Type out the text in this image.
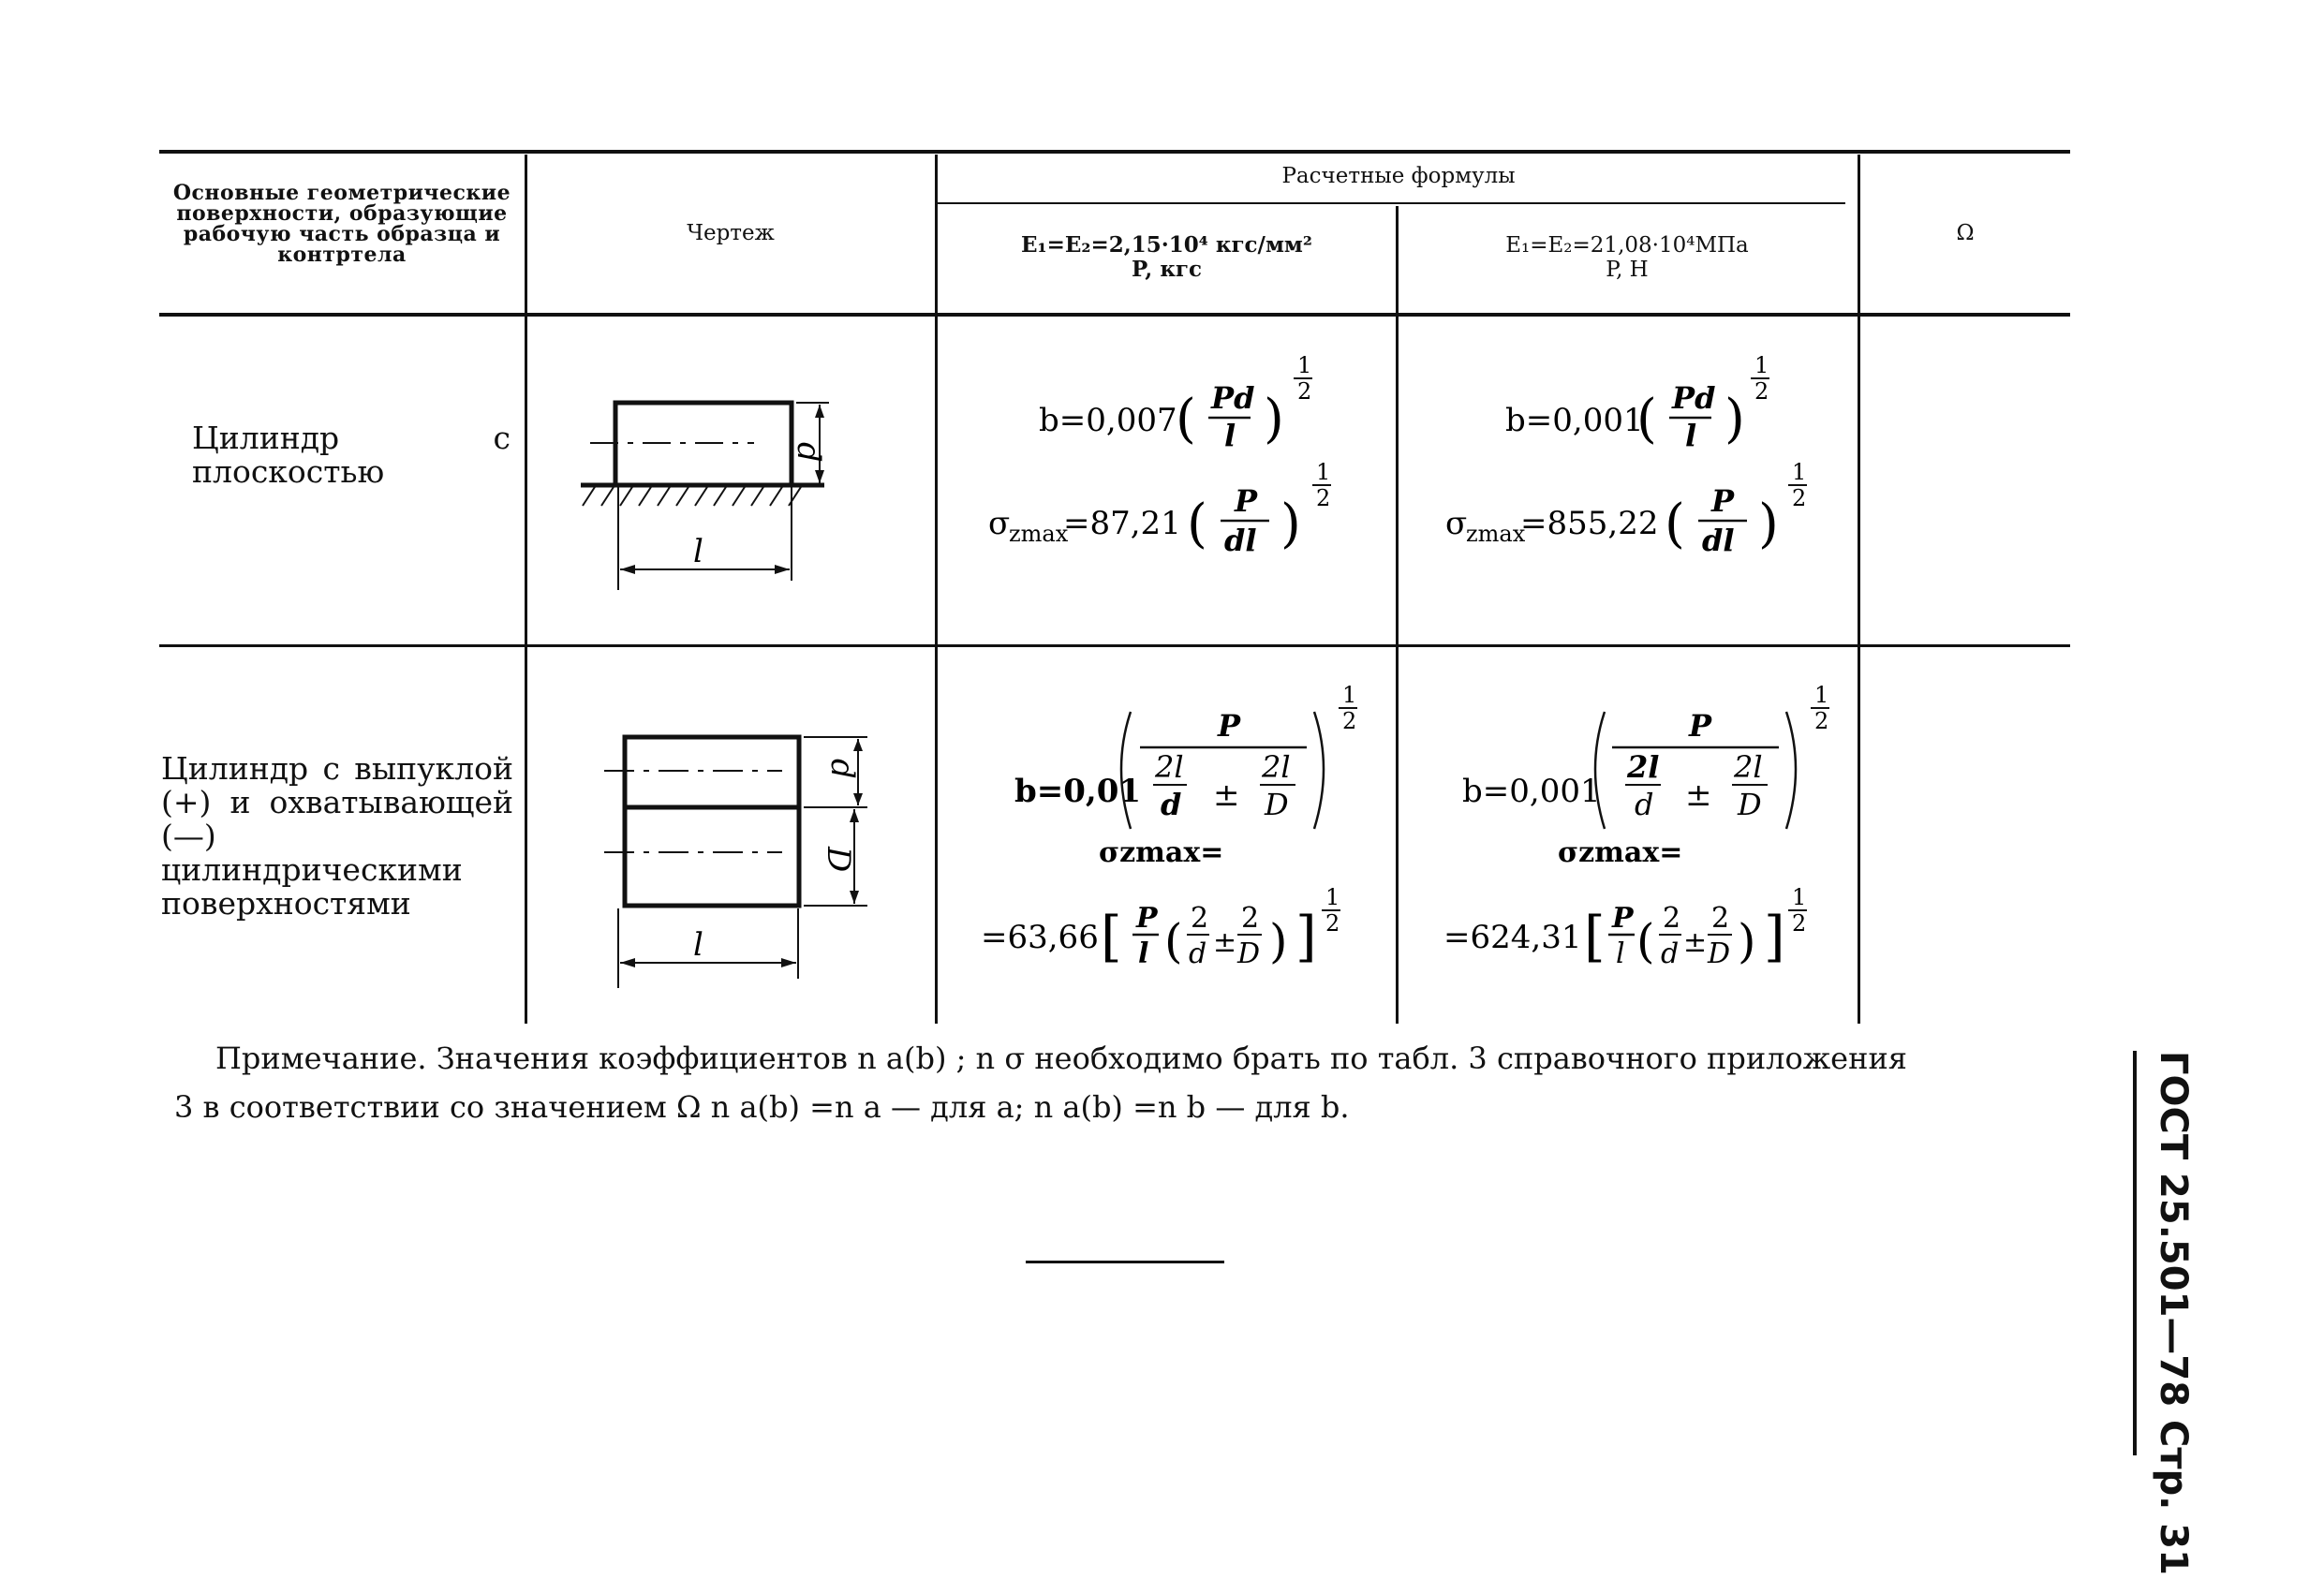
Основные геометрические поверхности, образующие рабочую часть образца и контртела
Чертеж
Расчетные формулы
E₁=E₂=2,15·10⁴ кгс/мм²
P, кгс
E₁=E₂=21,08·10⁴МПа
P, Н
Ω
Цилиндр с плоскостью
d
l
b=0,007
( Pd
l )
1
2
σ
zmax
=87,21 ( P
dl )
1
2
b=0,001
( Pd
l )
1
2
σ
zmax
=855,22 ( P
dl )
1
2
Цилиндр с выпуклой (+) и охватывающей (—) цилиндрическими поверхностями
d
D
l
b=0,01
P
2l
d ±
2l
D
1
2
σzmax=
=63,66 [ P
l ( 2
d ±
2
D ) ]
1
2
b=0,001
P
2l
d ±
2l
D
1
2
σzmax=
=624,31 [ P
l ( 2
d ±
2
D ) ]
1
2
Примечание. Значения коэффициентов n a(b) ; n σ необходимо брать по табл. 3 справочного приложения
3 в соответствии со значением Ω n a(b) =n a — для a; n a(b) =n b — для b.	ГОСТ 25.501—78 Стр. 31
